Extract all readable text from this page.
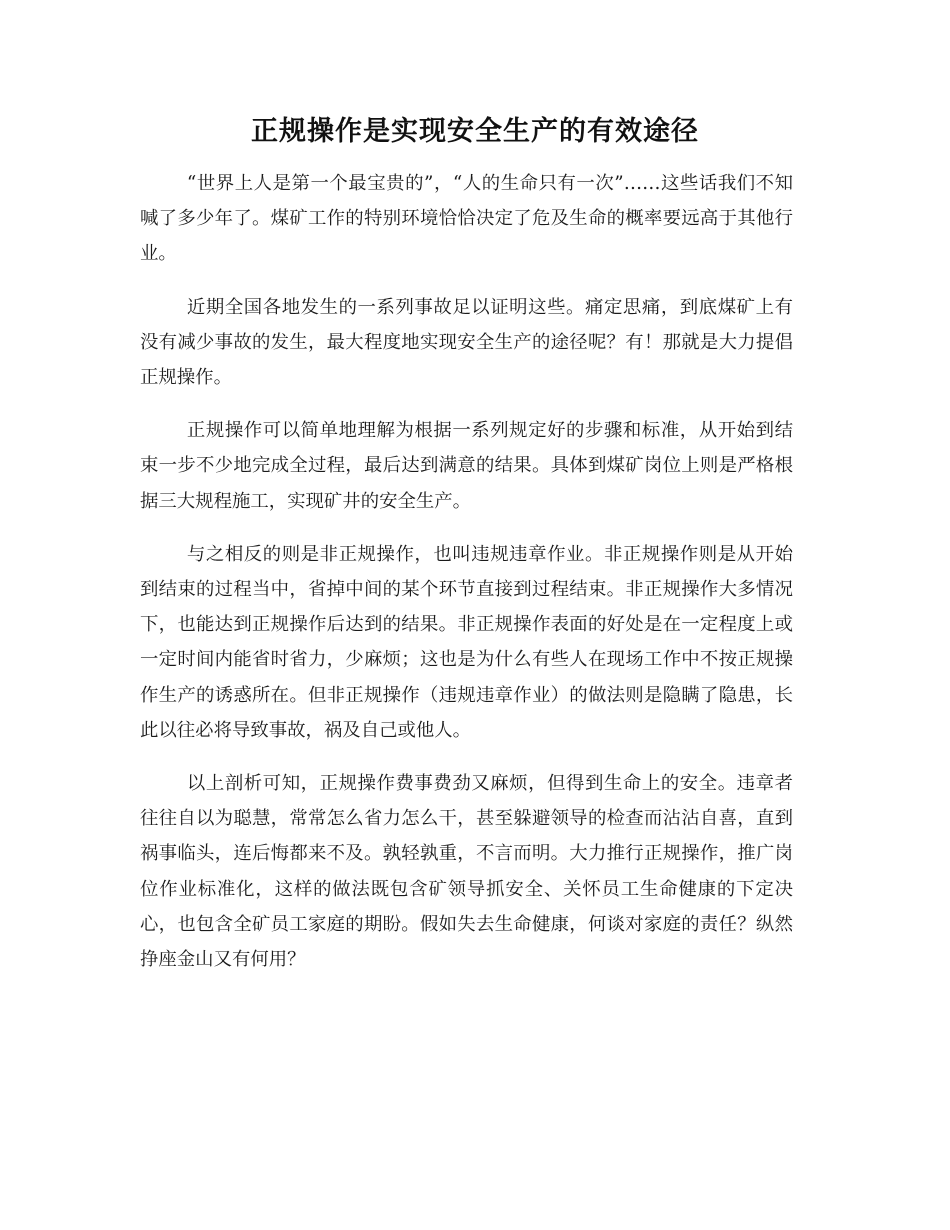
正规操作是实现安全生产的有效途径

“世界上人是第一个最宝贵的”，“人的生命只有一次”……这些话我们不知喊了多少年了。煤矿工作的特别环境恰恰决定了危及生命的概率要远高于其他行业。

近期全国各地发生的一系列事故足以证明这些。痛定思痛，到底煤矿上有没有减少事故的发生，最大程度地实现安全生产的途径呢？有！那就是大力提倡正规操作。

正规操作可以简单地理解为根据一系列规定好的步骤和标准，从开始到结束一步不少地完成全过程，最后达到满意的结果。具体到煤矿岗位上则是严格根据三大规程施工，实现矿井的安全生产。

与之相反的则是非正规操作，也叫违规违章作业。非正规操作则是从开始到结束的过程当中，省掉中间的某个环节直接到过程结束。非正规操作大多情况下，也能达到正规操作后达到的结果。非正规操作表面的好处是在一定程度上或一定时间内能省时省力，少麻烦；这也是为什么有些人在现场工作中不按正规操作生产的诱惑所在。但非正规操作（违规违章作业）的做法则是隐瞒了隐患，长此以往必将导致事故，祸及自己或他人。

以上剖析可知，正规操作费事费劲又麻烦，但得到生命上的安全。违章者往往自以为聪慧，常常怎么省力怎么干，甚至躲避领导的检查而沾沾自喜，直到祸事临头，连后悔都来不及。孰轻孰重，不言而明。大力推行正规操作，推广岗位作业标准化，这样的做法既包含矿领导抓安全、关怀员工生命健康的下定决心，也包含全矿员工家庭的期盼。假如失去生命健康，何谈对家庭的责任？纵然挣座金山又有何用？
